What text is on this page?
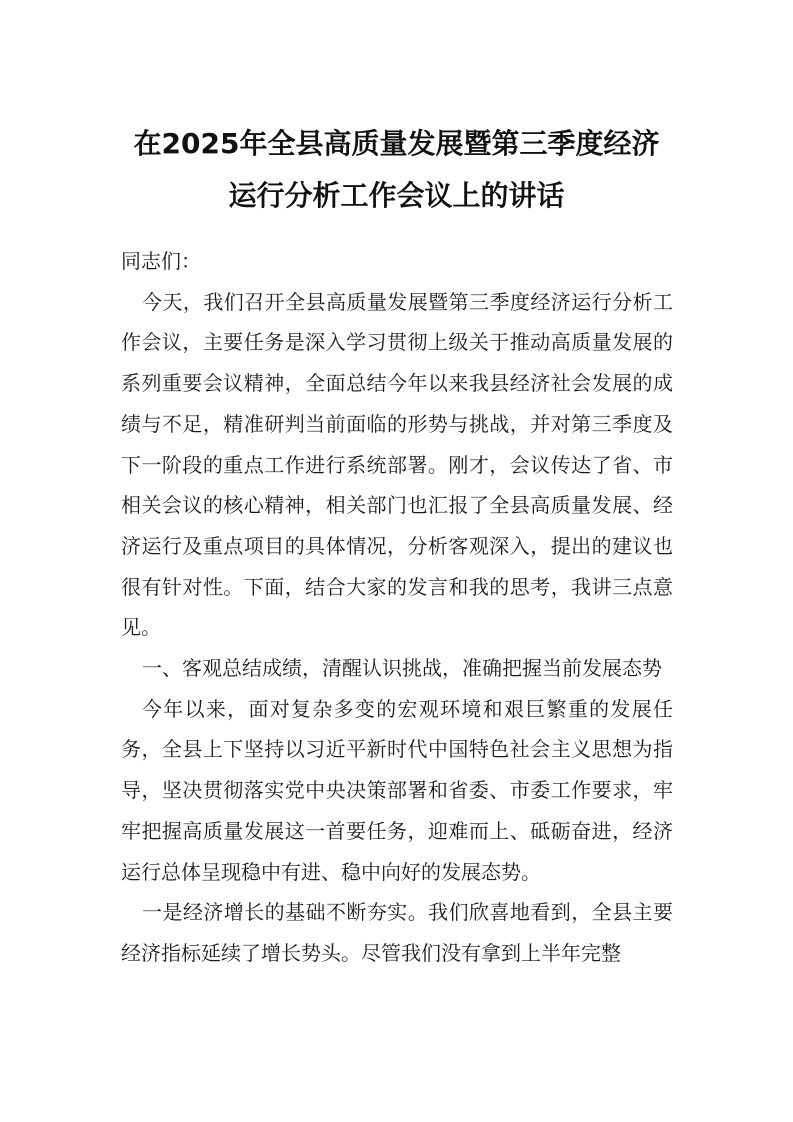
在2025年全县高质量发展暨第三季度经济
运行分析工作会议上的讲话

同志们：

今天，我们召开全县高质量发展暨第三季度经济运行分析工作会议，主要任务是深入学习贯彻上级关于推动高质量发展的系列重要会议精神，全面总结今年以来我县经济社会发展的成绩与不足，精准研判当前面临的形势与挑战，并对第三季度及下一阶段的重点工作进行系统部署。刚才，会议传达了省、市相关会议的核心精神，相关部门也汇报了全县高质量发展、经济运行及重点项目的具体情况，分析客观深入，提出的建议也很有针对性。下面，结合大家的发言和我的思考，我讲三点意见。

一、客观总结成绩，清醒认识挑战，准确把握当前发展态势

今年以来，面对复杂多变的宏观环境和艰巨繁重的发展任务，全县上下坚持以习近平新时代中国特色社会主义思想为指导，坚决贯彻落实党中央决策部署和省委、市委工作要求，牢牢把握高质量发展这一首要任务，迎难而上、砥砺奋进，经济运行总体呈现稳中有进、稳中向好的发展态势。

一是经济增长的基础不断夯实。我们欣喜地看到，全县主要经济指标延续了增长势头。尽管我们没有拿到上半年完整
